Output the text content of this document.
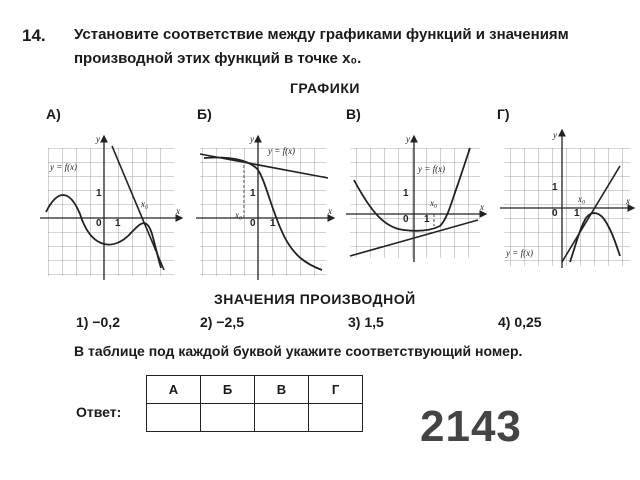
14. Установите соответствие между графиками функций и значениям
производной этих функций в точке x₀.
ГРАФИКИ
А)	Б)	В)	Г)
x
y
0 1
1
x₀
y = f(x)
x
y
0 1
1
x₀
y = f(x)
x
y
0 1
1
x₀
y = f(x)
x
y
0 1
1
x₀
y = f(x)
ЗНАЧЕНИЯ ПРОИЗВОДНОЙ
1) −0,2	2) −2,5	3) 1,5	4) 0,25
В таблице под каждой буквой укажите соответствующий номер.
Ответ:
А	Б	В	Г

2143
